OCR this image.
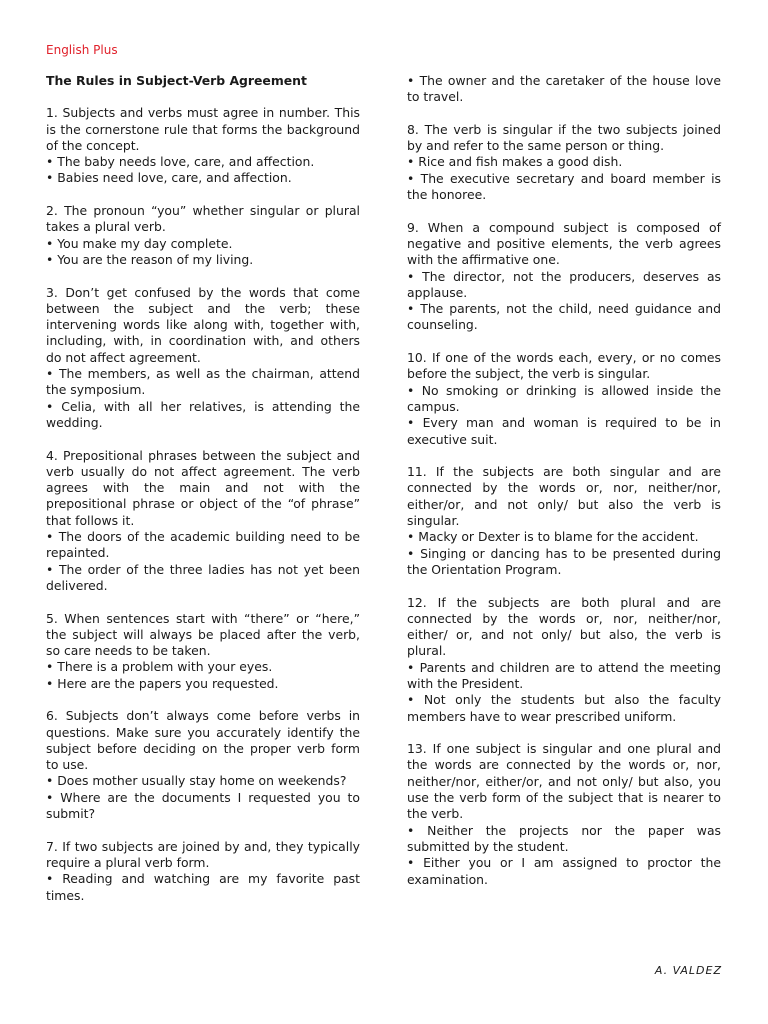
English Plus

The Rules in Subject-Verb Agreement

1. Subjects and verbs must agree in number. This is the cornerstone rule that forms the background of the concept.

• The baby needs love, care, and affection.

• Babies need love, care, and affection.

2. The pronoun “you” whether singular or plural takes a plural verb.

• You make my day complete.

• You are the reason of my living.

3. Don’t get confused by the words that come between the subject and the verb; these intervening words like along with, together with, including, with, in coordination with, and others do not affect agreement.

• The members, as well as the chairman, attend the symposium.

• Celia, with all her relatives, is attending the wedding.

4. Prepositional phrases between the subject and verb usually do not affect agreement. The verb agrees with the main and not with the prepositional phrase or object of the “of phrase” that follows it.

• The doors of the academic building need to be repainted.

• The order of the three ladies has not yet been delivered.

5. When sentences start with “there” or “here,” the subject will always be placed after the verb, so care needs to be taken.

• There is a problem with your eyes.

• Here are the papers you requested.

6. Subjects don’t always come before verbs in questions. Make sure you accurately identify the subject before deciding on the proper verb form to use.

• Does mother usually stay home on weekends?

• Where are the documents I requested you to submit?

7. If two subjects are joined by and, they typically require a plural verb form.

• Reading and watching are my favorite past times.

• The owner and the caretaker of the house love to travel.

8. The verb is singular if the two subjects joined by and refer to the same person or thing.

• Rice and fish makes a good dish.

• The executive secretary and board member is the honoree.

9. When a compound subject is composed of negative and positive elements, the verb agrees with the affirmative one.

• The director, not the producers, deserves as applause.

• The parents, not the child, need guidance and counseling.

10. If one of the words each, every, or no comes before the subject, the verb is singular.

• No smoking or drinking is allowed inside the campus.

• Every man and woman is required to be in executive suit.

11. If the subjects are both singular and are connected by the words or, nor, neither/nor, either/or, and not only/ but also the verb is singular.

• Macky or Dexter is to blame for the accident.

• Singing or dancing has to be presented during the Orientation Program.

12. If the subjects are both plural and are connected by the words or, nor, neither/nor, either/ or, and not only/ but also, the verb is plural.

• Parents and children are to attend the meeting with the President.

• Not only the students but also the faculty members have to wear prescribed uniform.

13. If one subject is singular and one plural and the words are connected by the words or, nor, neither/nor, either/or, and not only/ but also, you use the verb form of the subject that is nearer to the verb.

• Neither the projects nor the paper was submitted by the student.

• Either you or I am assigned to proctor the examination.

A. VALDEZ
